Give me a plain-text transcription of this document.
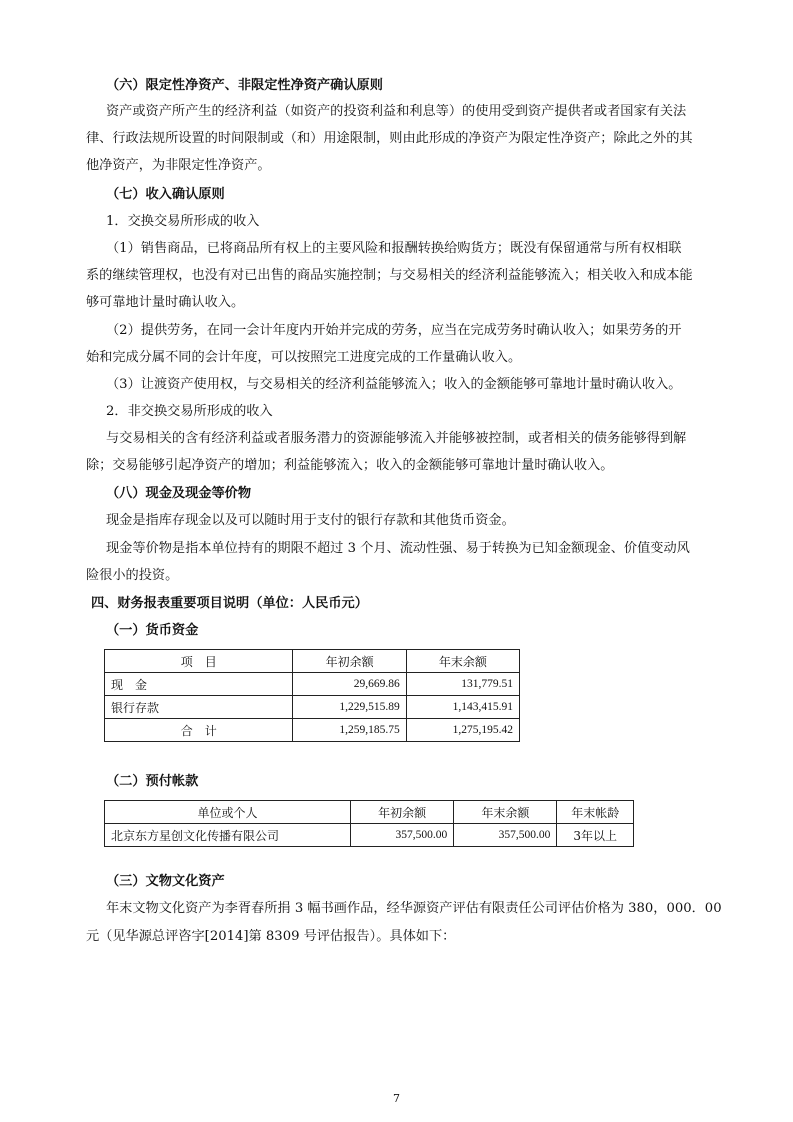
（六）限定性净资产、非限定性净资产确认原则
资产或资产所产生的经济利益（如资产的投资利益和利息等）的使用受到资产提供者或者国家有关法
律、行政法规所设置的时间限制或（和）用途限制，则由此形成的净资产为限定性净资产；除此之外的其
他净资产，为非限定性净资产。
（七）收入确认原则
1．交换交易所形成的收入
（1）销售商品，已将商品所有权上的主要风险和报酬转换给购货方；既没有保留通常与所有权相联
系的继续管理权，也没有对已出售的商品实施控制；与交易相关的经济利益能够流入；相关收入和成本能
够可靠地计量时确认收入。
（2）提供劳务，在同一会计年度内开始并完成的劳务，应当在完成劳务时确认收入；如果劳务的开
始和完成分属不同的会计年度，可以按照完工进度完成的工作量确认收入。
（3）让渡资产使用权，与交易相关的经济利益能够流入；收入的金额能够可靠地计量时确认收入。
2．非交换交易所形成的收入
与交易相关的含有经济利益或者服务潜力的资源能够流入并能够被控制，或者相关的债务能够得到解
除；交易能够引起净资产的增加；利益能够流入；收入的金额能够可靠地计量时确认收入。
（八）现金及现金等价物
现金是指库存现金以及可以随时用于支付的银行存款和其他货币资金。
现金等价物是指本单位持有的期限不超过 3 个月、流动性强、易于转换为已知金额现金、价值变动风
险很小的投资。
四、财务报表重要项目说明（单位：人民币元）
（一）货币资金
项　目	年初余额	年末余额
现　金	29,669.86	131,779.51
银行存款	1,229,515.89	1,143,415.91
合　计	1,259,185.75	1,275,195.42
（二）预付帐款
单位或个人	年初余额	年末余额	年末帐龄
北京东方星创文化传播有限公司	357,500.00	357,500.00	3年以上
（三）文物文化资产
年末文物文化资产为李胥春所捐 3 幅书画作品，经华源资产评估有限责任公司评估价格为 380，000．00
元（见华源总评咨字[2014]第 8309 号评估报告）。具体如下：
7
